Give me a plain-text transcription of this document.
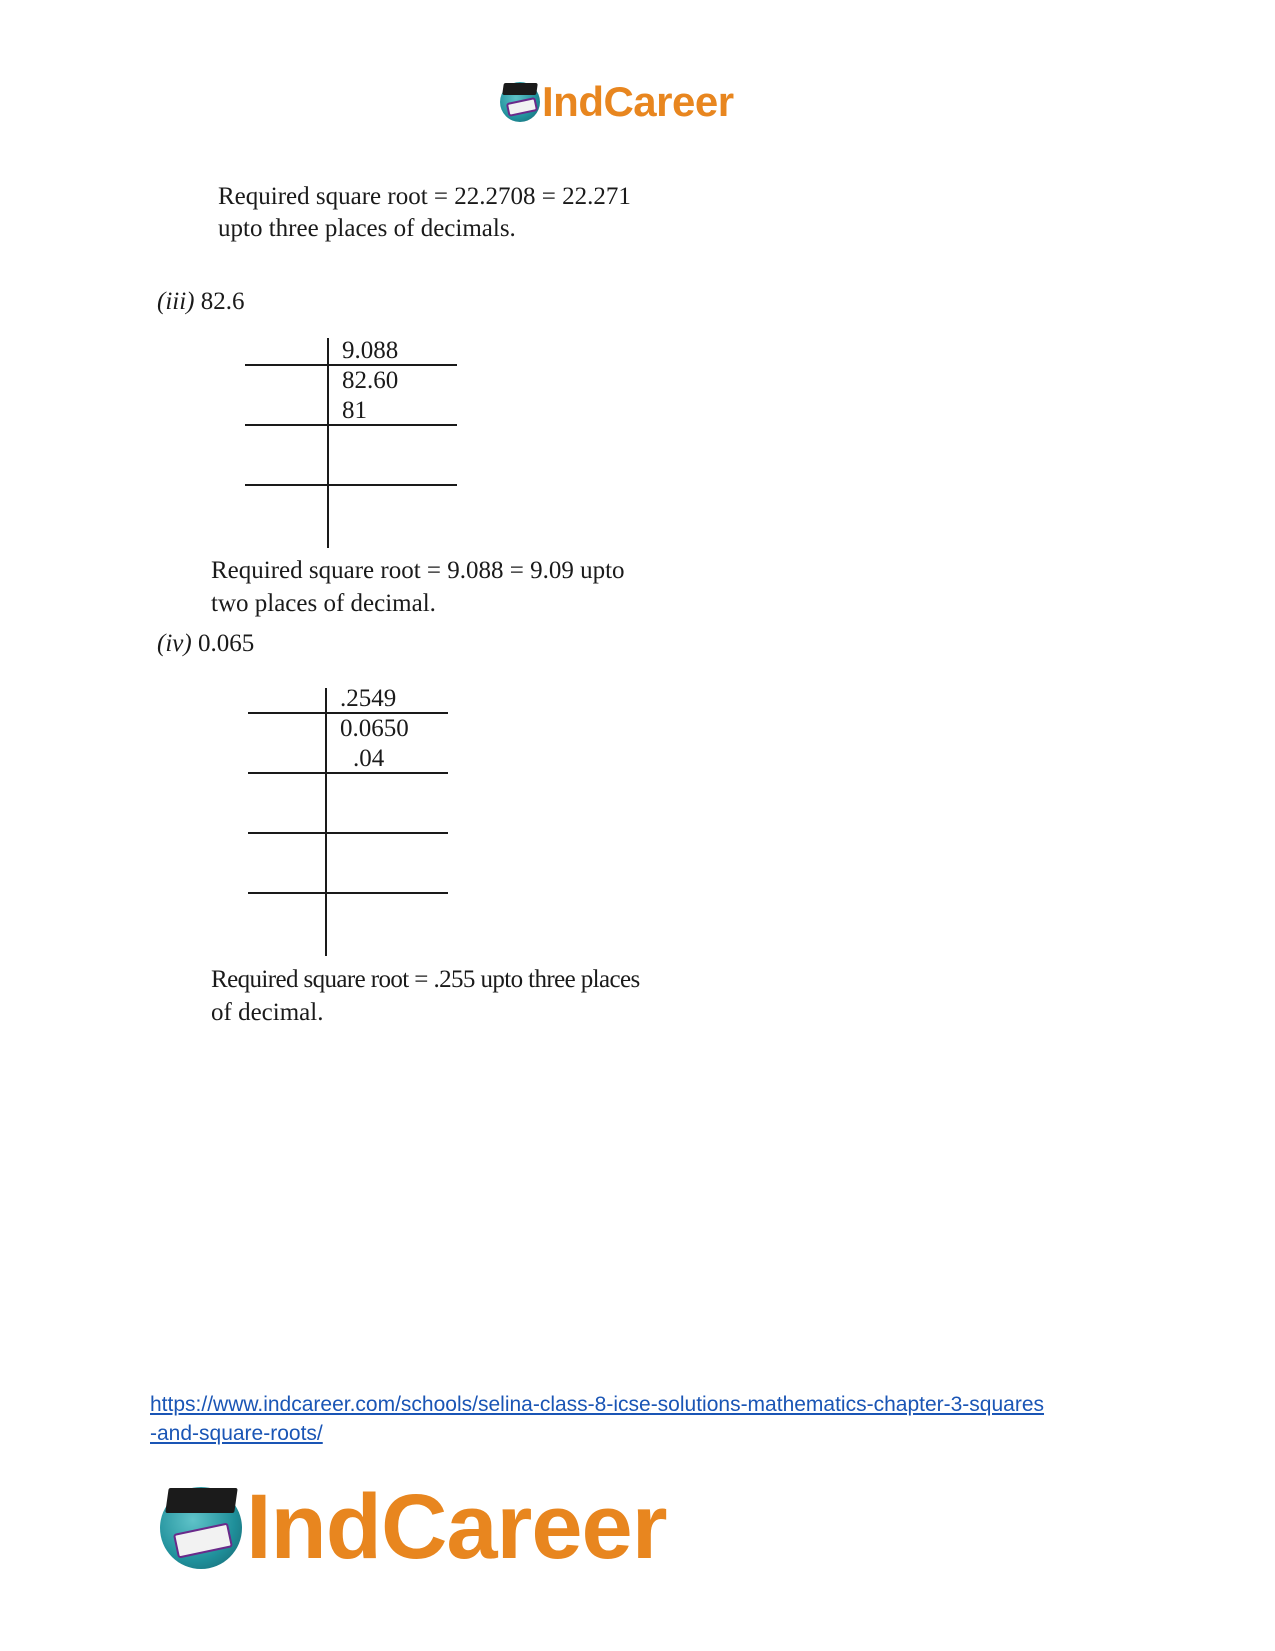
IndCareer
Required square root = 22.2708 = 22.271
upto three places of decimals.
(iii) 82.6
9.088
82.60
81
Required square root = 9.088 = 9.09 upto
two places of decimal.
(iv) 0.065
.2549
0.0650
.04
Required square root = .255 upto three places
of decimal.
https://www.indcareer.com/schools/selina-class-8-icse-solutions-mathematics-chapter-3-squares
-and-square-roots/
IndCareer
